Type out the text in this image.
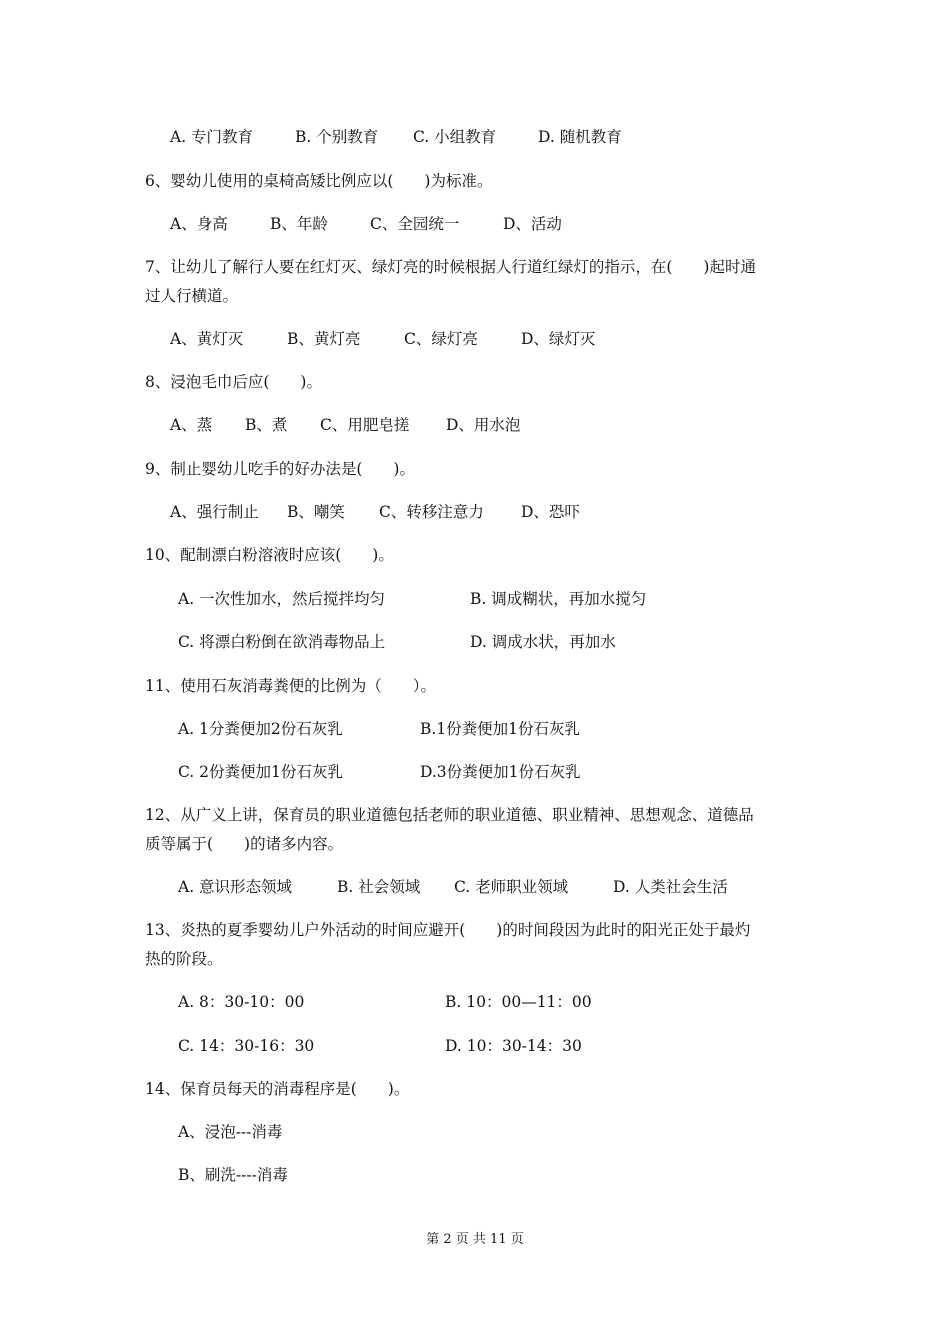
A. 专门教育	B. 个别教育 C. 小组教育	D. 随机教育
6、婴幼儿使用的桌椅高矮比例应以(　　)为标准。
A、身高	B、年龄	C、全园统一	D、活动
7、让幼儿了解行人要在红灯灭、绿灯亮的时候根据人行道红绿灯的指示，在(　　)起时通
过人行横道。
A、黄灯灭	B、黄灯亮	C、绿灯亮	D、绿灯灭
8、浸泡毛巾后应(　　)。
A、蒸 B、煮 C、用肥皂搓 D、用水泡
9、制止婴幼儿吃手的好办法是(　　)。
A、强行制止 B、嘲笑 C、转移注意力 D、恐吓
10、配制漂白粉溶液时应该(　　)。
A. 一次性加水，然后搅拌均匀	B. 调成糊状，再加水搅匀
C. 将漂白粉倒在欲消毒物品上	D. 调成水状，再加水
11、使用石灰消毒粪便的比例为（　　）。
A. 1分粪便加2份石灰乳	B.1份粪便加1份石灰乳
C. 2份粪便加1份石灰乳	D.3份粪便加1份石灰乳
12、从广义上讲，保育员的职业道德包括老师的职业道德、职业精神、思想观念、道德品
质等属于(　　)的诸多内容。
A. 意识形态领域	B. 社会领域 C. 老师职业领域	D. 人类社会生活
13、炎热的夏季婴幼儿户外活动的时间应避开(　　)的时间段因为此时的阳光正处于最灼
热的阶段。
A. 8：30-10：00	B. 10：00—11：00
C. 14：30-16：30	D. 10：30-14：30
14、保育员每天的消毒程序是(　　)。
A、浸泡---消毒
B、刷洗----消毒
第 2 页 共 11 页
